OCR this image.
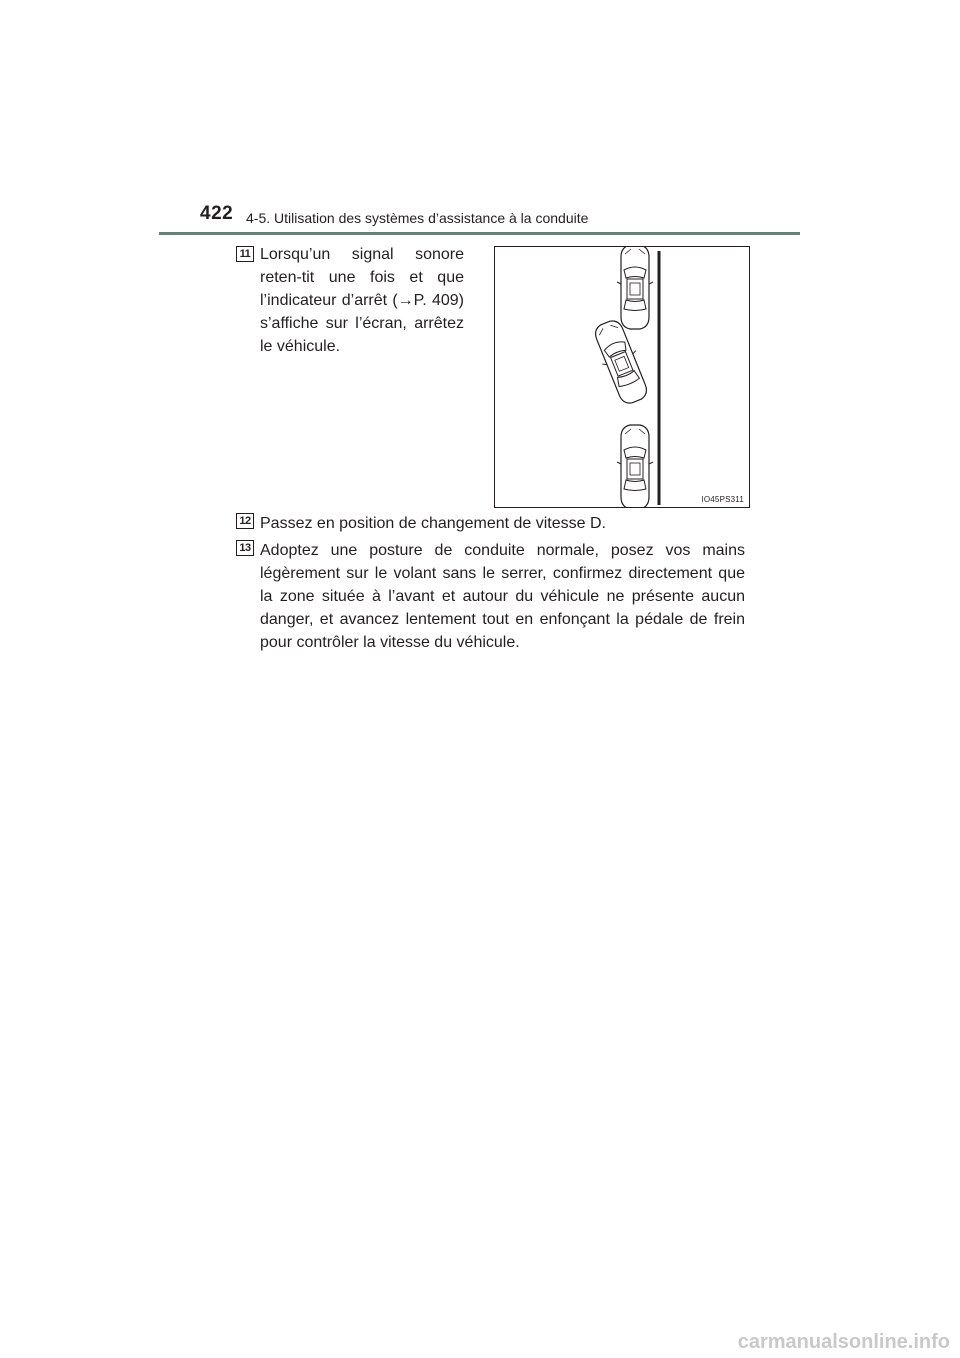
422 4-5. Utilisation des systèmes d’assistance à la conduite
11 Lorsqu’un signal sonore reten-tit une fois et que l’indicateur d’arrêt (→P. 409) s’affiche sur l’écran, arrêtez le véhicule.
IO45PS311
12 Passez en position de changement de vitesse D.
13 Adoptez une posture de conduite normale, posez vos mains légèrement sur le volant sans le serrer, confirmez directement que la zone située à l’avant et autour du véhicule ne présente aucun danger, et avancez lentement tout en enfonçant la pédale de frein pour contrôler la vitesse du véhicule.
carmanualsonline.info
